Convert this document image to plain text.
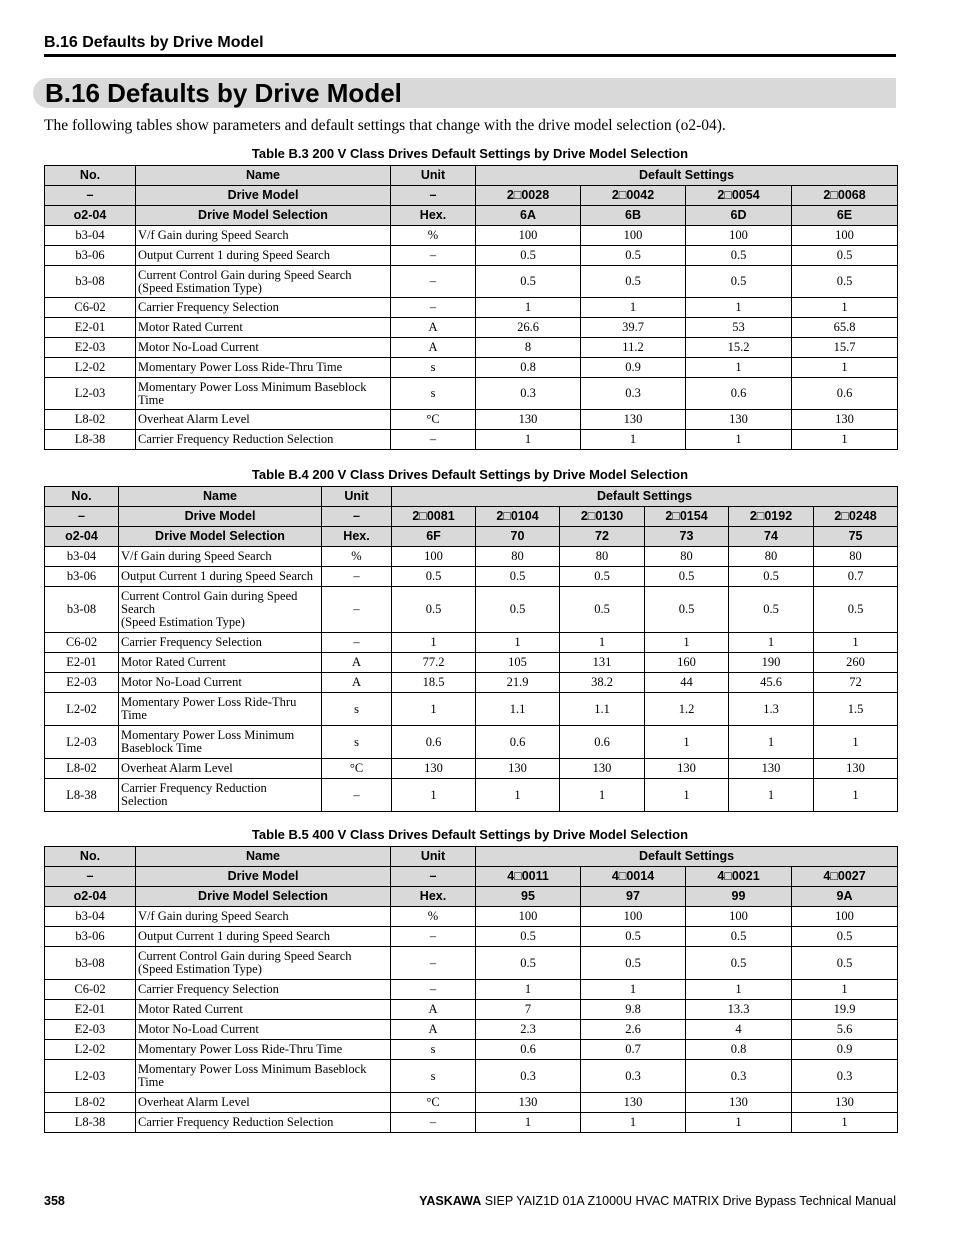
B.16 Defaults by Drive Model
B.16 Defaults by Drive Model
The following tables show parameters and default settings that change with the drive model selection (o2-04).
Table B.3 200 V Class Drives Default Settings by Drive Model Selection
No.	Name	Unit	Default Settings			
–	Drive Model	–	2□0028	2□0042	2□0054	2□0068
o2-04	Drive Model Selection	Hex.	6A	6B	6D	6E
b3-04	V/f Gain during Speed Search	%	100	100	100	100
b3-06	Output Current 1 during Speed Search	–	0.5	0.5	0.5	0.5
b3-08	Current Control Gain during Speed Search
(Speed Estimation Type)	–	0.5	0.5	0.5	0.5
C6-02	Carrier Frequency Selection	–	1	1	1	1
E2-01	Motor Rated Current	A	26.6	39.7	53	65.8
E2-03	Motor No-Load Current	A	8	11.2	15.2	15.7
L2-02	Momentary Power Loss Ride-Thru Time	s	0.8	0.9	1	1
L2-03	Momentary Power Loss Minimum Baseblock
Time	s	0.3	0.3	0.6	0.6
L8-02	Overheat Alarm Level	°C	130	130	130	130
L8-38	Carrier Frequency Reduction Selection	–	1	1	1	1
Table B.4 200 V Class Drives Default Settings by Drive Model Selection
No.	Name	Unit	Default Settings					
–	Drive Model	–	2□0081	2□0104	2□0130	2□0154	2□0192	2□0248
o2-04	Drive Model Selection	Hex.	6F	70	72	73	74	75
b3-04	V/f Gain during Speed Search	%	100	80	80	80	80	80
b3-06	Output Current 1 during Speed Search	–	0.5	0.5	0.5	0.5	0.5	0.7
b3-08	Current Control Gain during Speed
Search
(Speed Estimation Type)	–	0.5	0.5	0.5	0.5	0.5	0.5
C6-02	Carrier Frequency Selection	–	1	1	1	1	1	1
E2-01	Motor Rated Current	A	77.2	105	131	160	190	260
E2-03	Motor No-Load Current	A	18.5	21.9	38.2	44	45.6	72
L2-02	Momentary Power Loss Ride-Thru
Time	s	1	1.1	1.1	1.2	1.3	1.5
L2-03	Momentary Power Loss Minimum
Baseblock Time	s	0.6	0.6	0.6	1	1	1
L8-02	Overheat Alarm Level	°C	130	130	130	130	130	130
L8-38	Carrier Frequency Reduction
Selection	–	1	1	1	1	1	1
Table B.5 400 V Class Drives Default Settings by Drive Model Selection
No.	Name	Unit	Default Settings			
–	Drive Model	–	4□0011	4□0014	4□0021	4□0027
o2-04	Drive Model Selection	Hex.	95	97	99	9A
b3-04	V/f Gain during Speed Search	%	100	100	100	100
b3-06	Output Current 1 during Speed Search	–	0.5	0.5	0.5	0.5
b3-08	Current Control Gain during Speed Search
(Speed Estimation Type)	–	0.5	0.5	0.5	0.5
C6-02	Carrier Frequency Selection	–	1	1	1	1
E2-01	Motor Rated Current	A	7	9.8	13.3	19.9
E2-03	Motor No-Load Current	A	2.3	2.6	4	5.6
L2-02	Momentary Power Loss Ride-Thru Time	s	0.6	0.7	0.8	0.9
L2-03	Momentary Power Loss Minimum Baseblock
Time	s	0.3	0.3	0.3	0.3
L8-02	Overheat Alarm Level	°C	130	130	130	130
L8-38	Carrier Frequency Reduction Selection	–	1	1	1	1
358	YASKAWA SIEP YAIZ1D 01A Z1000U HVAC MATRIX Drive Bypass Technical Manual
